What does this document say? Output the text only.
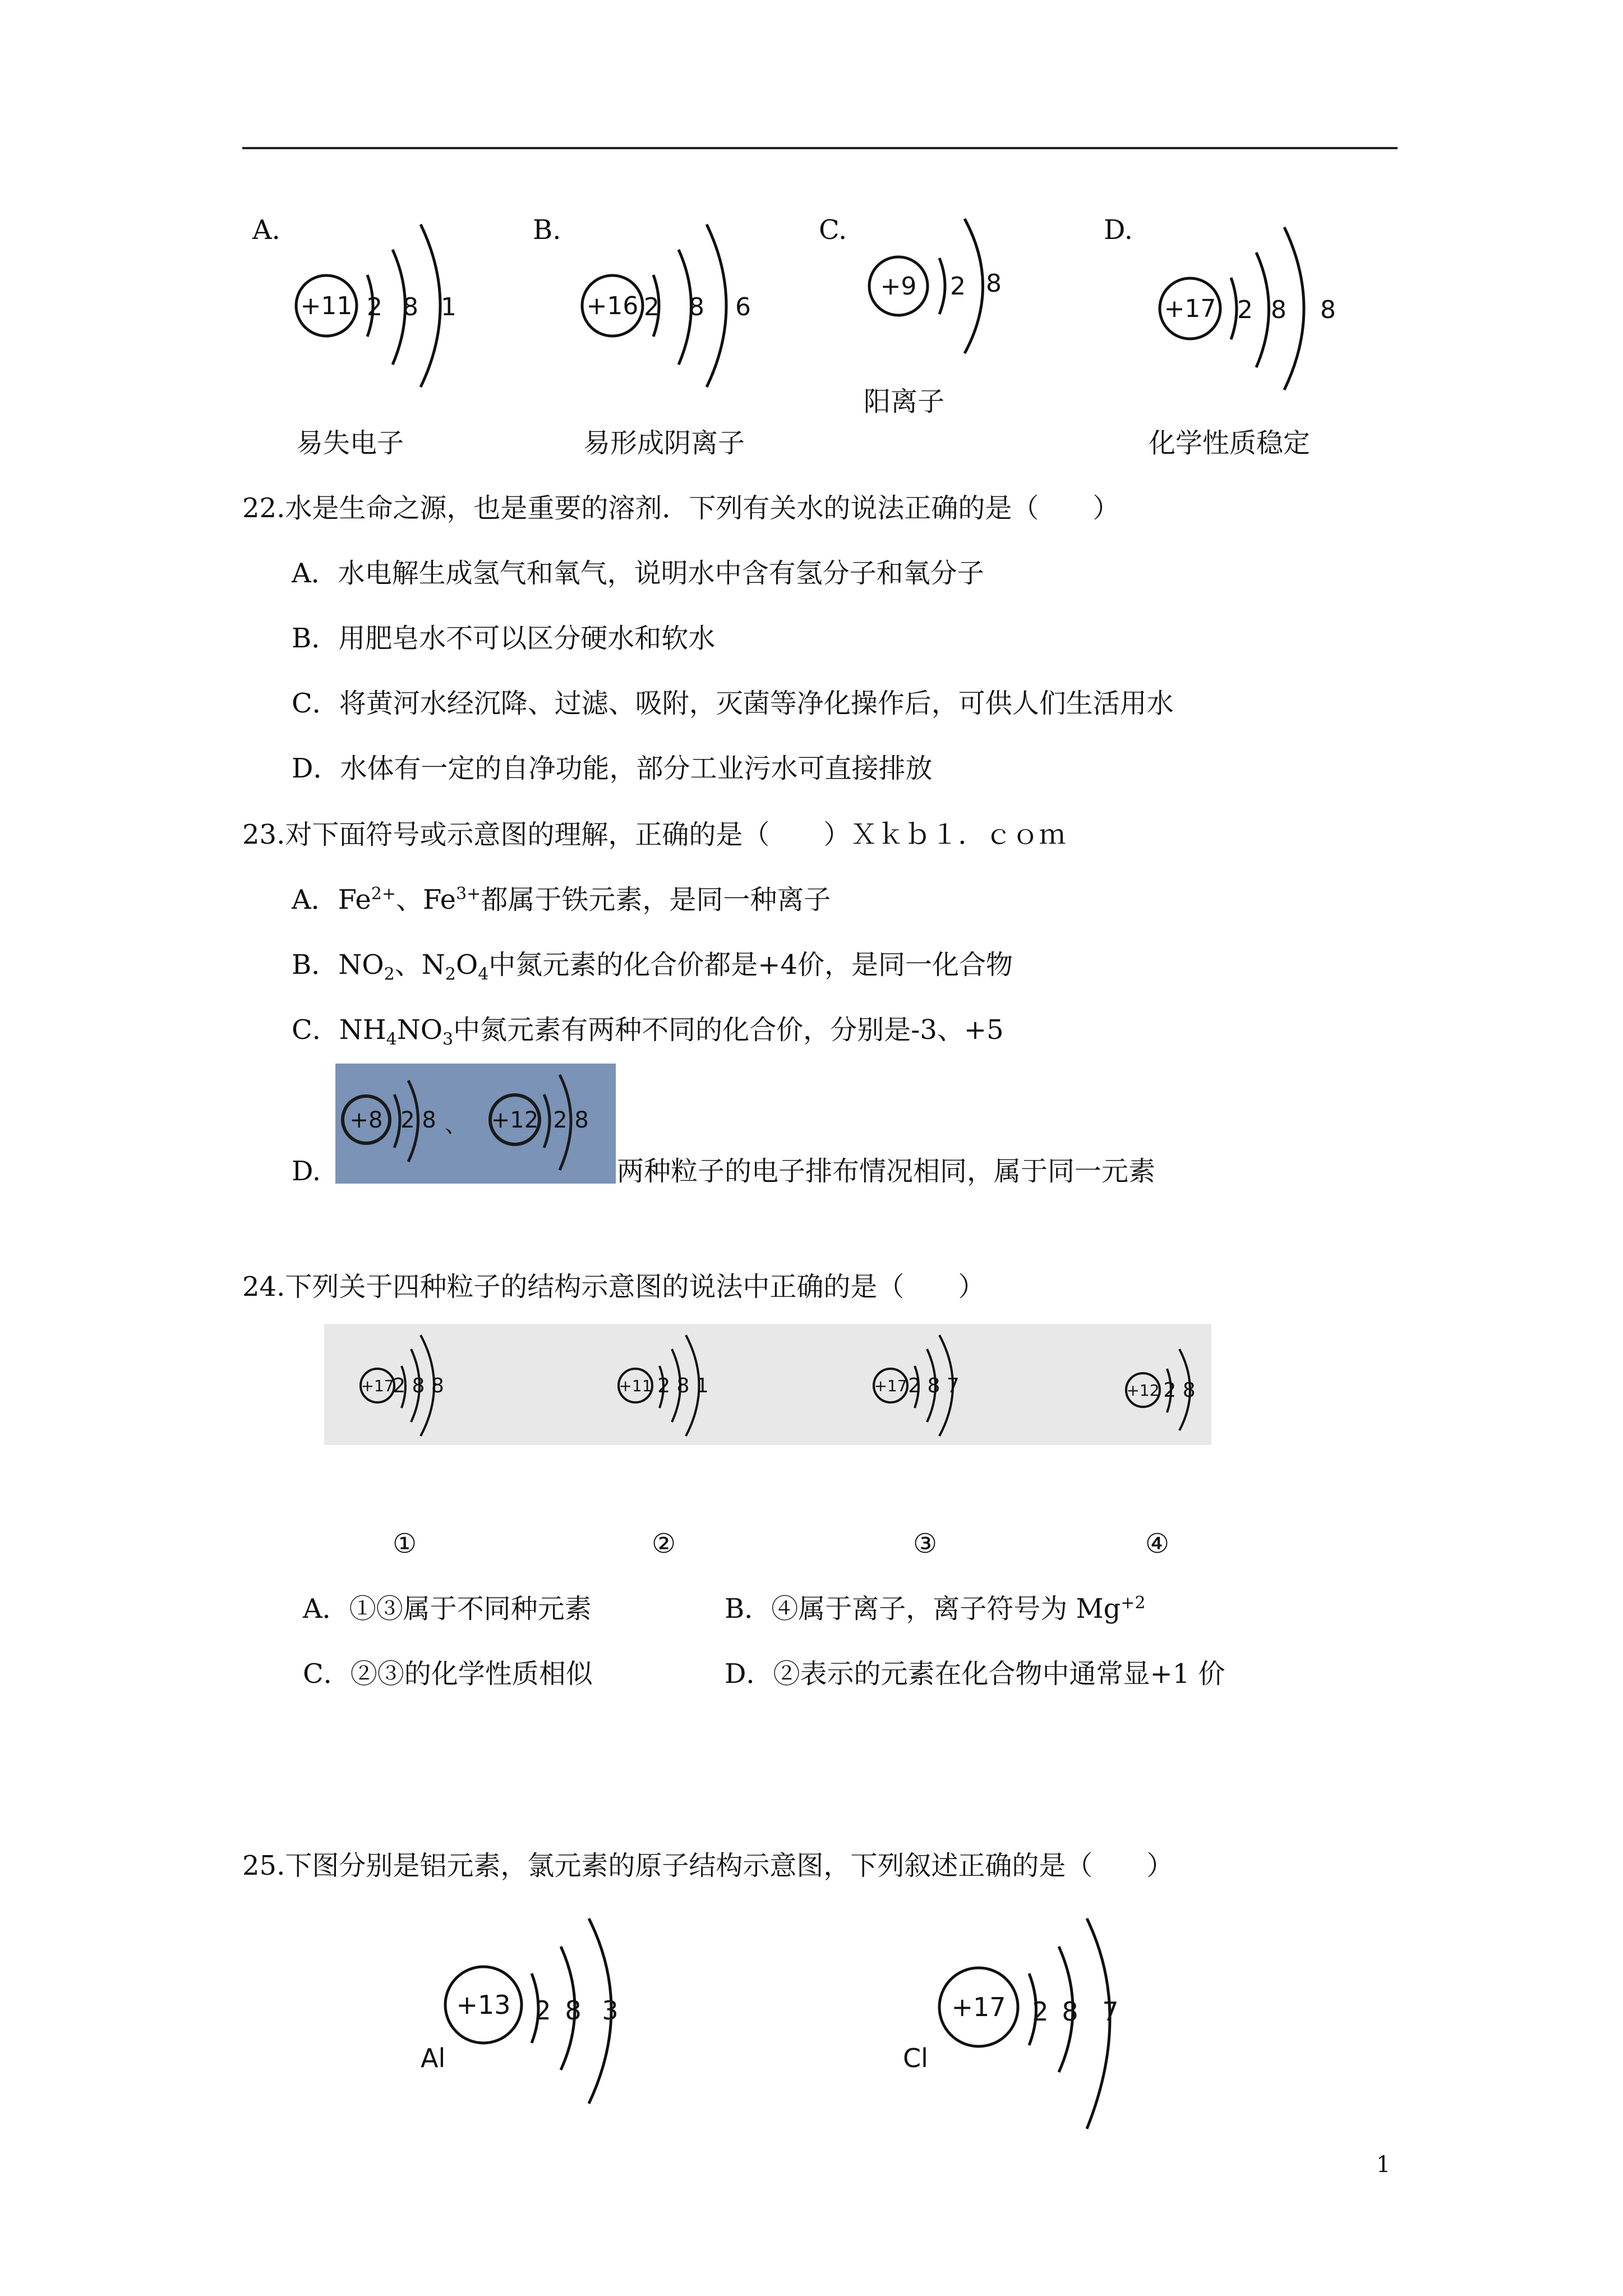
A.
+11 2 8 1
易失电子
B.
+16 2 8 6
易形成阴离子
C.
+9 2 8
阳离子
D.
+17 2 8 8
化学性质稳定
22.水是生命之源，也是重要的溶剂．下列有关水的说法正确的是（　　）
A．水电解生成氢气和氧气，说明水中含有氢分子和氧分子
B．用肥皂水不可以区分硬水和软水
C．将黄河水经沉降、过滤、吸附，灭菌等净化操作后，可供人们生活用水
D．水体有一定的自净功能，部分工业污水可直接排放
23.对下面符号或示意图的理解，正确的是（　　）Ｘｋｂ１．ｃｏｍ
A．$Fe^{2+}$、$Fe^{3+}$都属于铁元素，是同一种离子
B．$NO_2$、$N_2O_4$中氮元素的化合价都是+4价，是同一化合物
C．$NH_4NO_3$中氮元素有两种不同的化合价，分别是-3、+5
D.
+8 2 8 、 +12 2 8
两种粒子的电子排布情况相同，属于同一元素
24.下列关于四种粒子的结构示意图的说法中正确的是（　　）
+17
2 8 8	+11 2 8 1	+17 2 8 7	+12 2 8
①	②	③	④
A．①③属于不同种元素	B．④属于离子，离子符号为 $Mg^{+2}$
C．②③的化学性质相似	D．②表示的元素在化合物中通常显+1 价
25.下图分别是铝元素，氯元素的原子结构示意图，下列叙述正确的是（　　）
+13 2 8 3
Al
+17 2 8 7
Cl
1
